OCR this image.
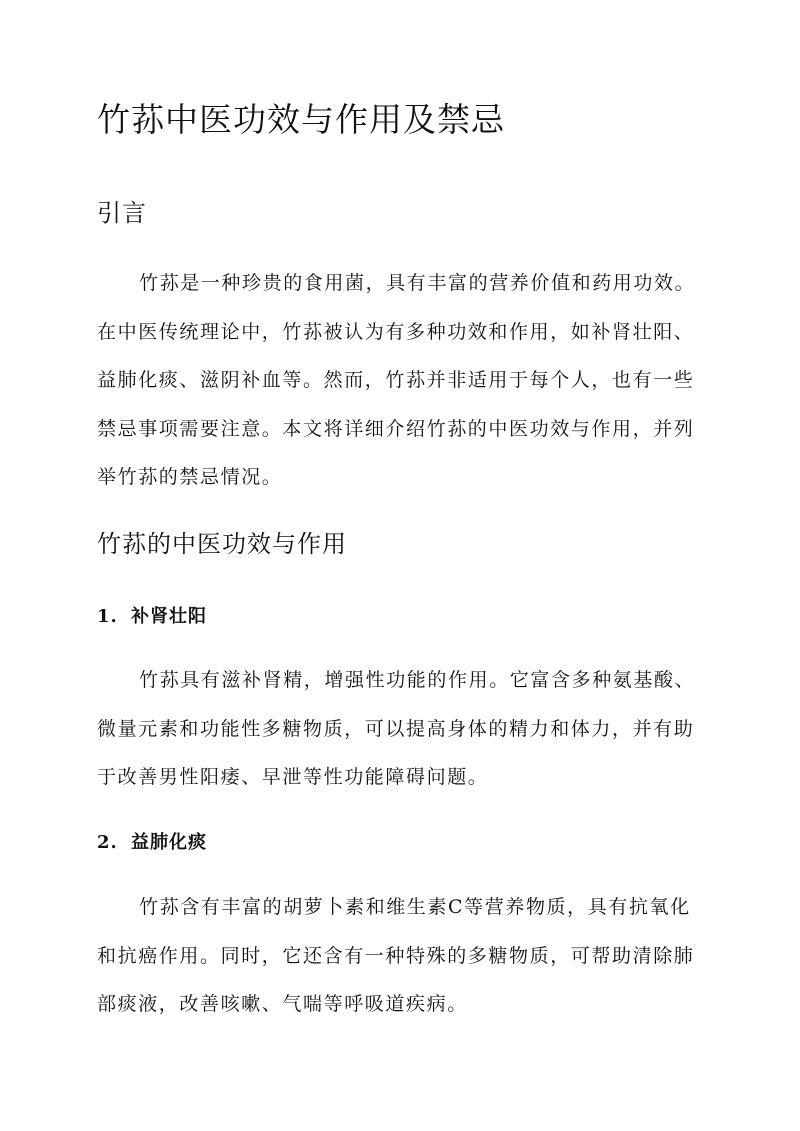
竹荪中医功效与作用及禁忌
引言
竹荪是一种珍贵的食用菌，具有丰富的营养价值和药用功效。
在中医传统理论中，竹荪被认为有多种功效和作用，如补肾壮阳、
益肺化痰、滋阴补血等。然而，竹荪并非适用于每个人，也有一些
禁忌事项需要注意。本文将详细介绍竹荪的中医功效与作用，并列
举竹荪的禁忌情况。
竹荪的中医功效与作用
1. 补肾壮阳
竹荪具有滋补肾精，增强性功能的作用。它富含多种氨基酸、
微量元素和功能性多糖物质，可以提高身体的精力和体力，并有助
于改善男性阳痿、早泄等性功能障碍问题。
2. 益肺化痰
竹荪含有丰富的胡萝卜素和维生素C等营养物质，具有抗氧化
和抗癌作用。同时，它还含有一种特殊的多糖物质，可帮助清除肺
部痰液，改善咳嗽、气喘等呼吸道疾病。
